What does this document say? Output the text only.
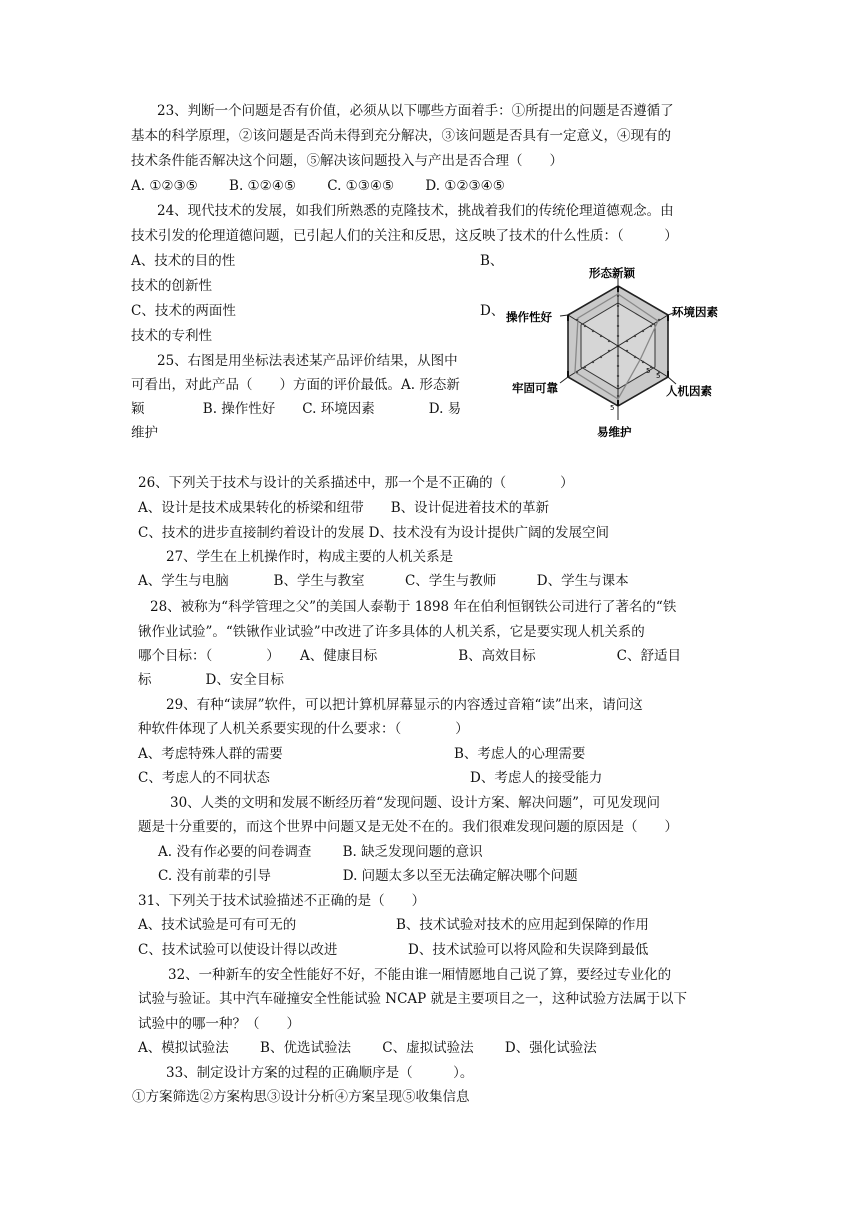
23、判断一个问题是否有价值，必须从以下哪些方面着手：①所提出的问题是否遵循了
基本的科学原理，②该问题是否尚未得到充分解决，③该问题是否具有一定意义，④现有的
技术条件能否解决这个问题，⑤解决该问题投入与产出是否合理（　　）
A. ①②③⑤　　 B. ①②④⑤　　 C. ①③④⑤　　 D. ①②③④⑤
24、现代技术的发展，如我们所熟悉的克隆技术，挑战着我们的传统伦理道德观念。由
技术引发的伦理道德问题，已引起人们的关注和反思，这反映了技术的什么性质：（　　　）
A、技术的目的性	B、
技术的创新性
C、技术的两面性	D、
技术的专利性
25、右图是用坐标法表述某产品评价结果，从图中
可看出，对此产品（　　）方面的评价最低。A. 形态新
颖　　　　 B. 操作性好　　C. 环境因素　　　　D. 易
维护
形态新颖
环境因素
人机因素
易维护
牢固可靠
操作性好
5
5
5
26、下列关于技术与设计的关系描述中，那一个是不正确的（　　　　）
A、设计是技术成果转化的桥梁和纽带　　B、设计促进着技术的革新
C、技术的进步直接制约着设计的发展 D、技术没有为设计提供广阔的发展空间
27、学生在上机操作时，构成主要的人机关系是
A、学生与电脑　　　 B、学生与教室　　　C、学生与教师　　　D、学生与课本
28、被称为“科学管理之父”的美国人泰勒于 1898 年在伯利恒钢铁公司进行了著名的“铁
锹作业试验”。“铁锹作业试验”中改进了许多具体的人机关系，它是要实现人机关系的
哪个目标：（　　　　）　　A、健康目标　　　　　　B、高效目标　　　　　　C、舒适目
标　　　　D、安全目标
29、有种“读屏”软件，可以把计算机屏幕显示的内容透过音箱“读”出来，请问这
种软件体现了人机关系要实现的什么要求：（　　　　）
A、考虑特殊人群的需要	B、考虑人的心理需要
C、考虑人的不同状态	D、考虑人的接受能力
30、人类的文明和发展不断经历着“发现问题、设计方案、解决问题”，可见发现问
题是十分重要的，而这个世界中问题又是无处不在的。我们很难发现问题的原因是（　　）
A. 没有作必要的问卷调查　　 B. 缺乏发现问题的意识
C. 没有前辈的引导　　　　　 D. 问题太多以至无法确定解决哪个问题
31、下列关于技术试验描述不正确的是（　　）
A、技术试验是可有可无的	B、技术试验对技术的应用起到保障的作用
C、技术试验可以使设计得以改进	D、技术试验可以将风险和失误降到最低
32、一种新车的安全性能好不好，不能由谁一厢情愿地自己说了算，要经过专业化的
试验与验证。其中汽车碰撞安全性能试验 NCAP 就是主要项目之一，这种试验方法属于以下
试验中的哪一种？（　　）
A、模拟试验法　　 B、优选试验法　　 C、虚拟试验法　　 D、强化试验法
33、制定设计方案的过程的正确顺序是（　　　）。
①方案筛选②方案构思③设计分析④方案呈现⑤收集信息
